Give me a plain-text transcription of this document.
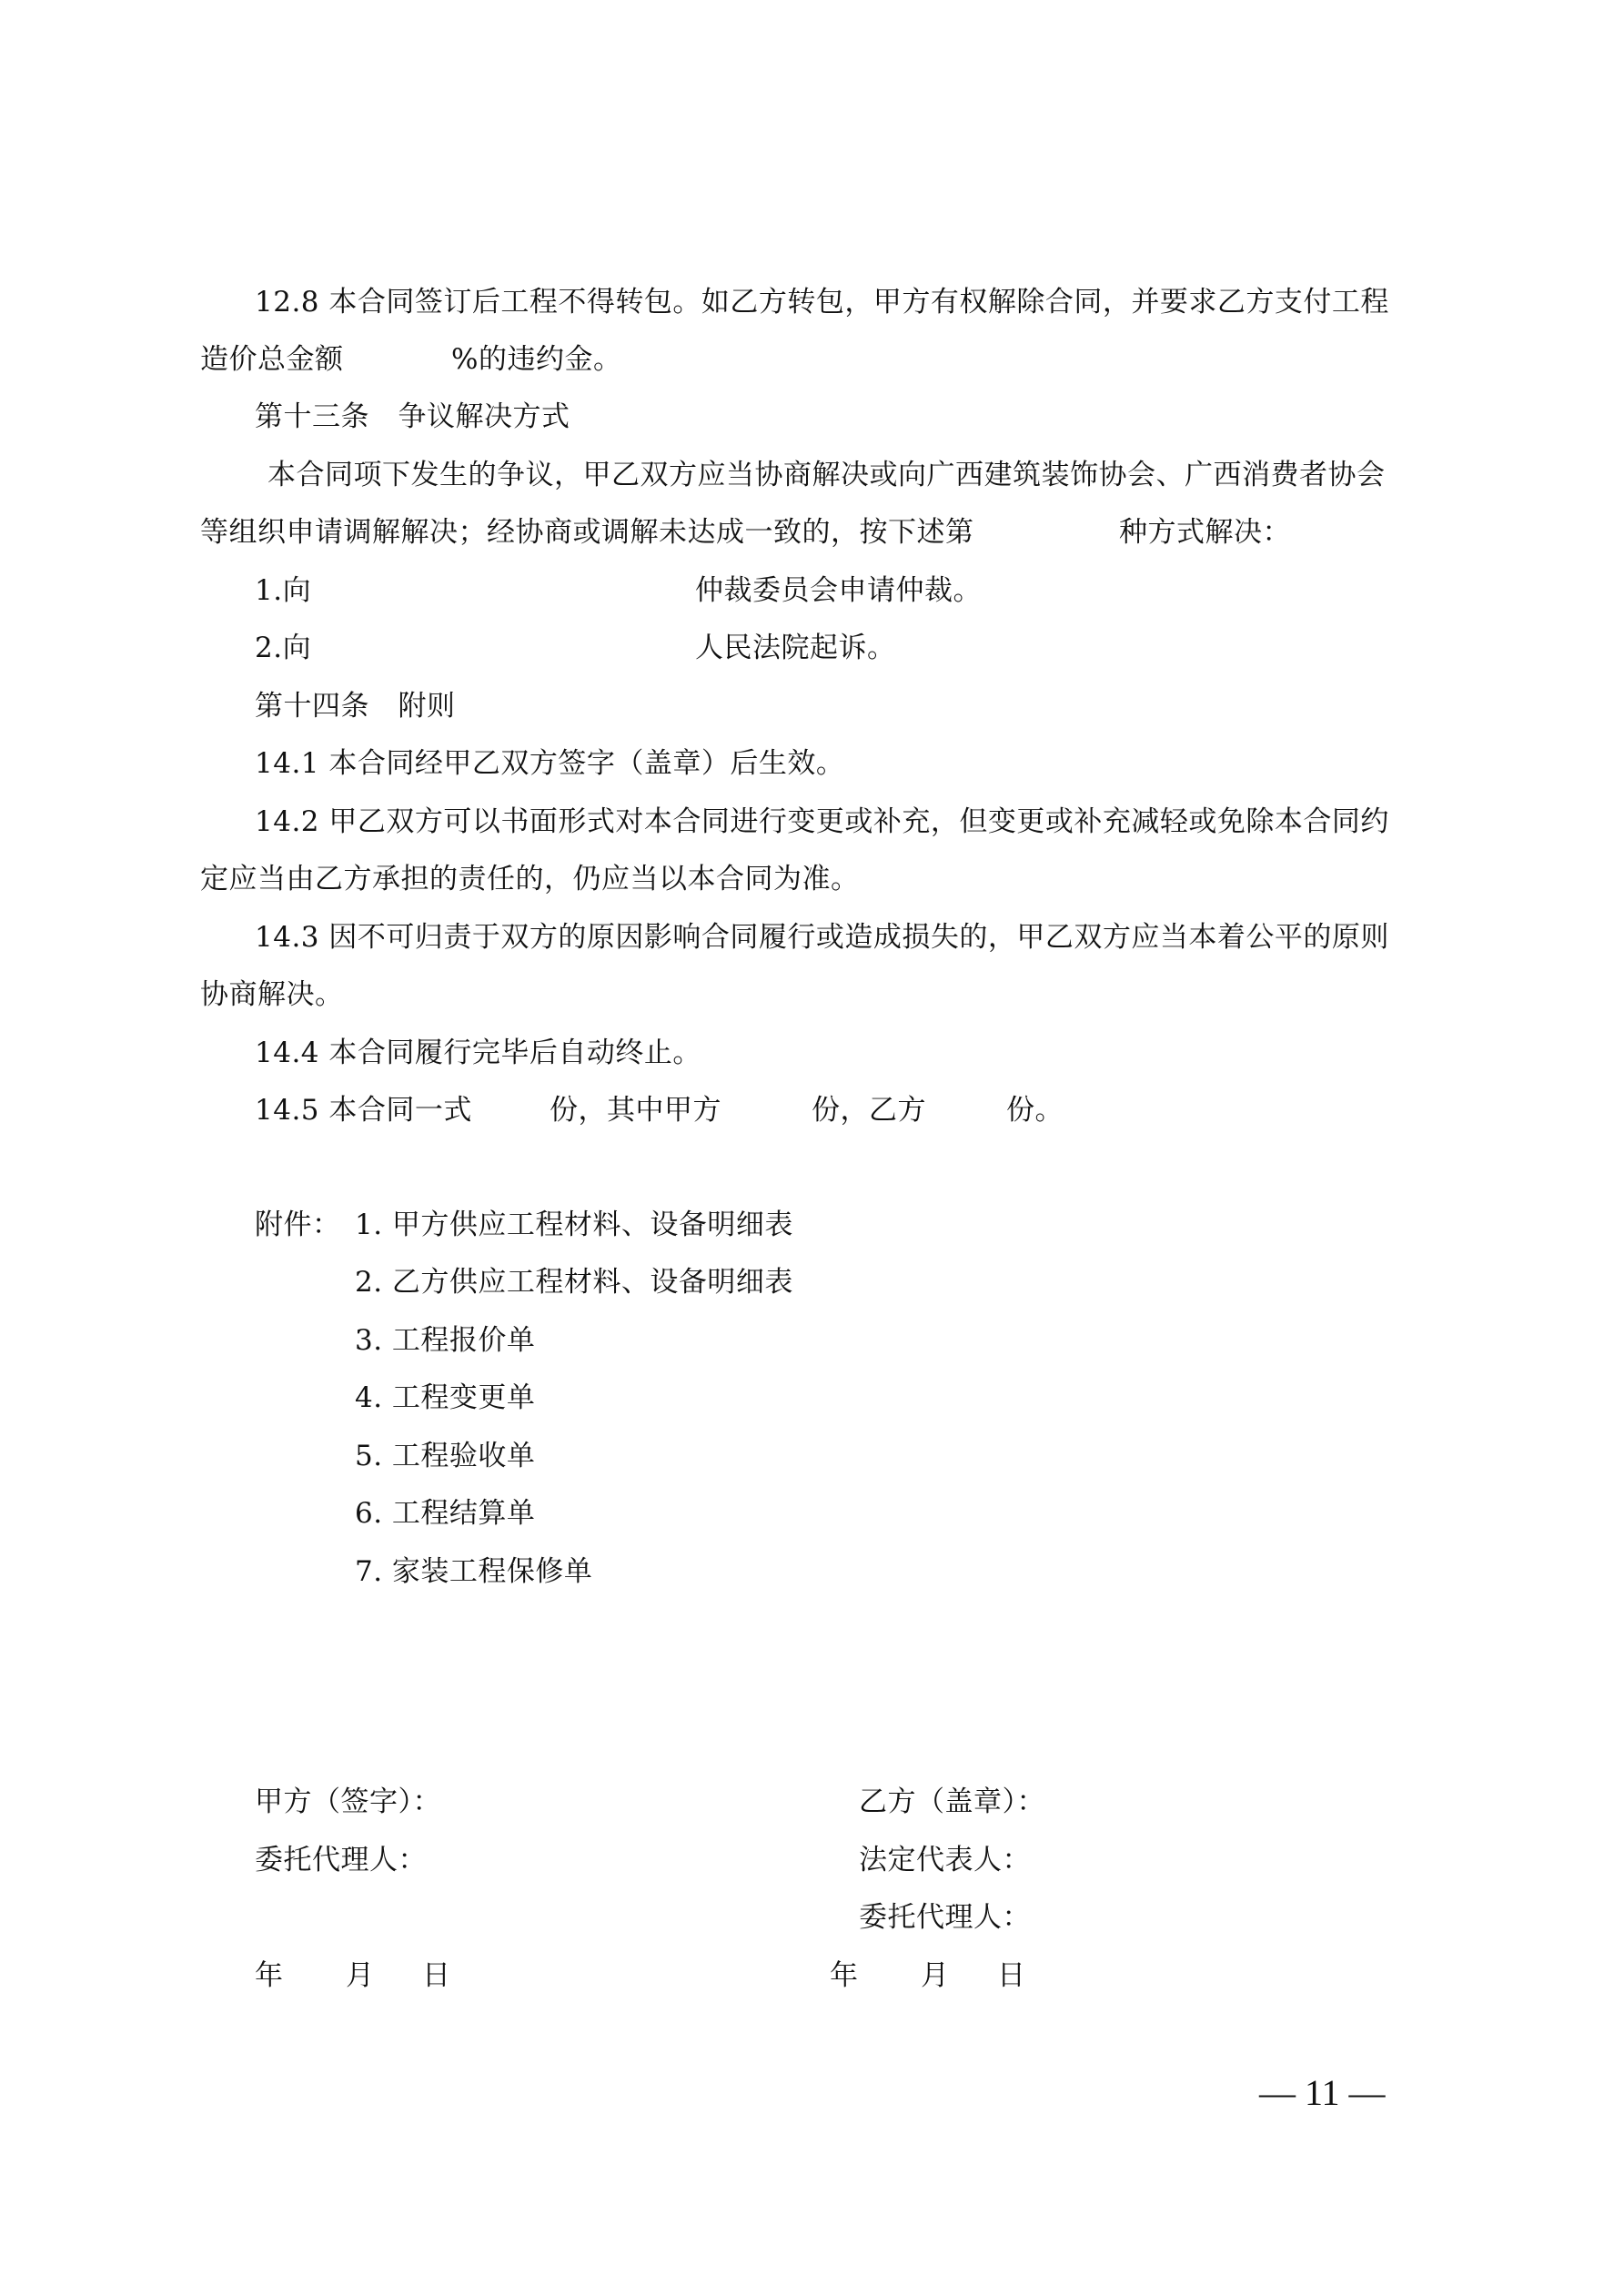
12.8 本合同签订后工程不得转包。如乙方转包，甲方有权解除合同，并要求乙方支付工程
造价总金额	%的违约金。
第十三条　争议解决方式
本合同项下发生的争议，甲乙双方应当协商解决或向广西建筑装饰协会、广西消费者协会
等组织申请调解解决；经协商或调解未达成一致的，按下述第	种方式解决：
1.向	仲裁委员会申请仲裁。
2.向	人民法院起诉。
第十四条　附则
14.1 本合同经甲乙双方签字（盖章）后生效。
14.2 甲乙双方可以书面形式对本合同进行变更或补充，但变更或补充减轻或免除本合同约
定应当由乙方承担的责任的，仍应当以本合同为准。
14.3 因不可归责于双方的原因影响合同履行或造成损失的，甲乙双方应当本着公平的原则
协商解决。
14.4 本合同履行完毕后自动终止。
14.5 本合同一式	份，其中甲方	份，乙方	份。
附件： 1. 甲方供应工程材料、设备明细表
2. 乙方供应工程材料、设备明细表
3. 工程报价单
4. 工程变更单
5. 工程验收单
6. 工程结算单
7. 家装工程保修单
甲方（签字）：
委托代理人：
年 月 日
乙方（盖章）：
法定代表人：
委托代理人：
年 月 日
— 11 —
